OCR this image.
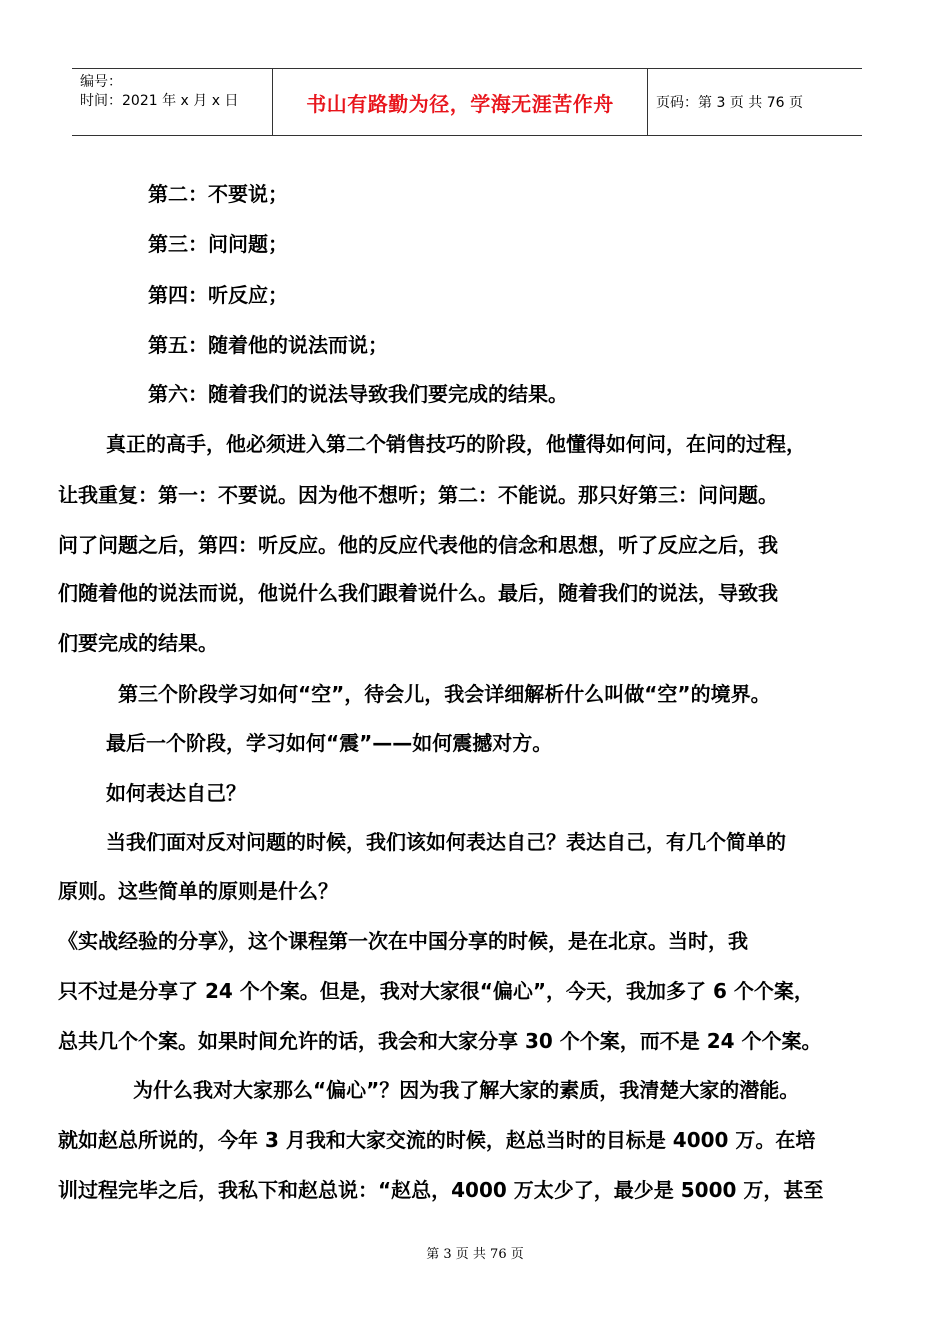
编号：
时间：2021 年 x 月 x 日	书山有路勤为径，学海无涯苦作舟	页码：第 3 页 共 76 页
第二：不要说；
第三：问问题；
第四：听反应；
第五：随着他的说法而说；
第六：随着我们的说法导致我们要完成的结果。
真正的高手，他必须进入第二个销售技巧的阶段，他懂得如何问，在问的过程，
让我重复：第一：不要说。因为他不想听；第二：不能说。那只好第三：问问题。
问了问题之后，第四：听反应。他的反应代表他的信念和思想，听了反应之后，我
们随着他的说法而说，他说什么我们跟着说什么。最后，随着我们的说法，导致我
们要完成的结果。
第三个阶段学习如何“空”，待会儿，我会详细解析什么叫做“空”的境界。
最后一个阶段，学习如何“震”——如何震撼对方。
如何表达自己？
当我们面对反对问题的时候，我们该如何表达自己？表达自己，有几个简单的
原则。这些简单的原则是什么？
《实战经验的分享》，这个课程第一次在中国分享的时候，是在北京。当时，我
只不过是分享了 24 个个案。但是，我对大家很“偏心”，今天，我加多了 6 个个案，
总共几个个案。如果时间允许的话，我会和大家分享 30 个个案，而不是 24 个个案。
为什么我对大家那么“偏心”？因为我了解大家的素质，我清楚大家的潜能。
就如赵总所说的，今年 3 月我和大家交流的时候，赵总当时的目标是 4000 万。在培
训过程完毕之后，我私下和赵总说：“赵总，4000 万太少了，最少是 5000 万，甚至
第 3 页 共 76 页
